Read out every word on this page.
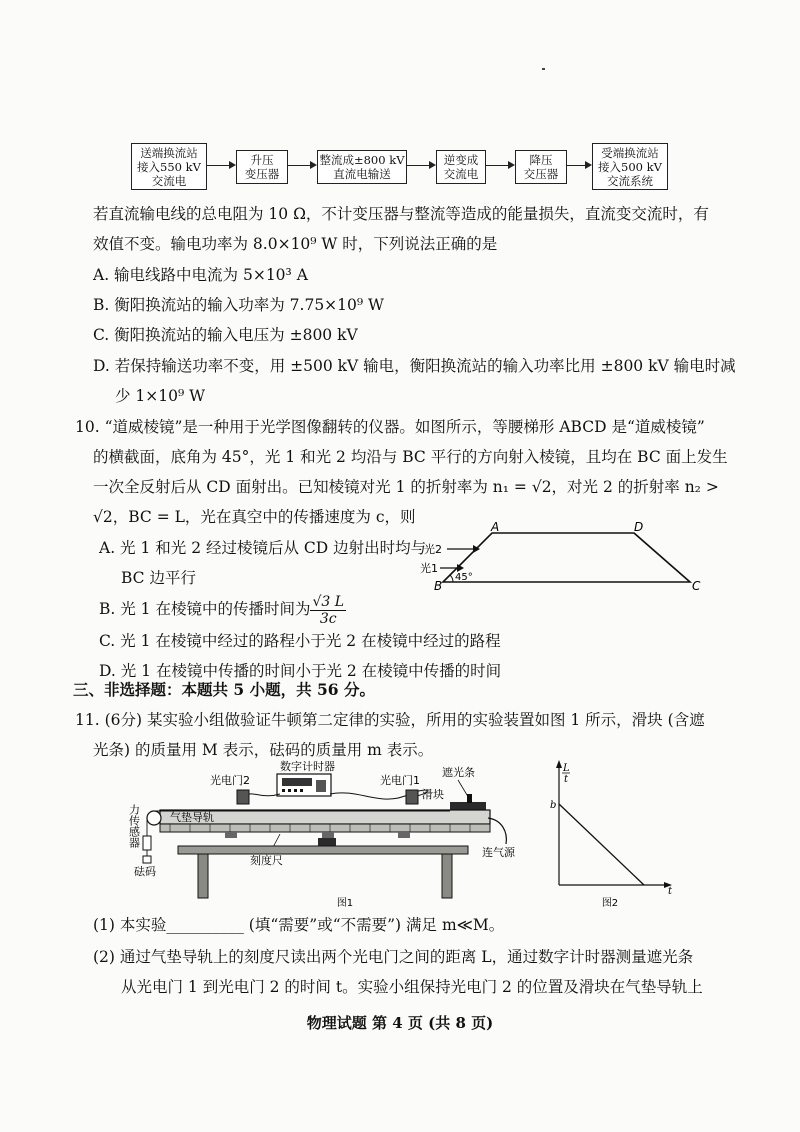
送端换流站
接入550 kV
交流电
升压
变压器
整流成±800 kV
直流电输送
逆变成
交流电
降压
交压器
受端换流站
接入500 kV
交流系统
若直流输电线的总电阻为 10 Ω，不计变压器与整流等造成的能量损失，直流变交流时，有
效值不变。输电功率为 8.0×10⁹ W 时，下列说法正确的是
A. 输电线路中电流为 5×10³ A
B. 衡阳换流站的输入功率为 7.75×10⁹ W
C. 衡阳换流站的输入电压为 ±800 kV
D. 若保持输送功率不变，用 ±500 kV 输电，衡阳换流站的输入功率比用 ±800 kV 输电时减
少 1×10⁹ W
10. “道威棱镜”是一种用于光学图像翻转的仪器。如图所示，等腰梯形 ABCD 是“道威棱镜”
的横截面，底角为 45°，光 1 和光 2 均沿与 BC 平行的方向射入棱镜，且均在 BC 面上发生
一次全反射后从 CD 面射出。已知棱镜对光 1 的折射率为 n₁ = √2，对光 2 的折射率 n₂ >
√2，BC = L，光在真空中的传播速度为 c，则
A. 光 1 和光 2 经过棱镜后从 CD 边射出时均与
BC 边平行
B. 光 1 在棱镜中的传播时间为 $\frac{√3 L}{3c}$
C. 光 1 在棱镜中经过的路程小于光 2 在棱镜中经过的路程
D. 光 1 在棱镜中传播的时间小于光 2 在棱镜中传播的时间
A	D
B	C
光2
光1
45°
三、非选择题：本题共 5 小题，共 56 分。
11. (6分) 某实验小组做验证牛顿第二定律的实验，所用的实验装置如图 1 所示，滑块 (含遮
光条) 的质量用 M 表示，砝码的质量用 m 表示。
数字计时器
光电门2	光电门1
遮光条
滑块
气垫导轨
力传感器
砝码
刻度尺
连气源
图1
L
t
b
t
图2
(1) 本实验__________ (填“需要”或“不需要”) 满足 m≪M。
(2) 通过气垫导轨上的刻度尺读出两个光电门之间的距离 L，通过数字计时器测量遮光条
从光电门 1 到光电门 2 的时间 t。实验小组保持光电门 2 的位置及滑块在气垫导轨上
物理试题 第 4 页 (共 8 页)
